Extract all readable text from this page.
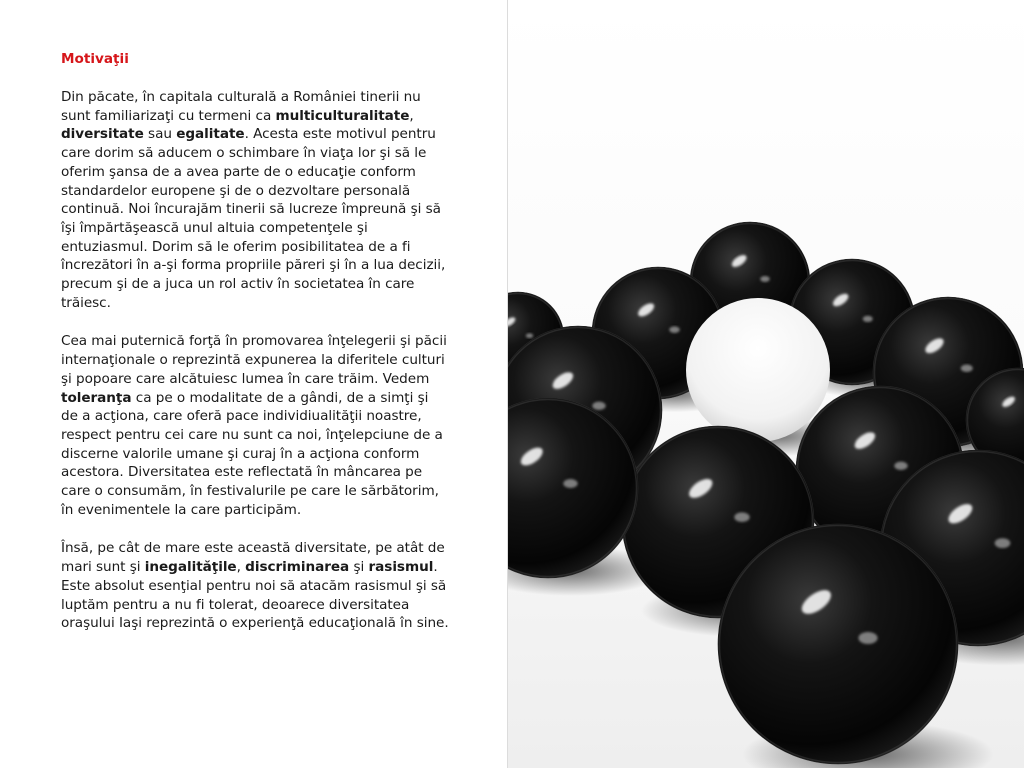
Motivaţii

Din păcate, în capitala culturală a României tinerii nu sunt familiarizaţi cu termeni ca multiculturalitate, diversitate sau egalitate. Acesta este motivul pentru care dorim să aducem o schimbare în viaţa lor şi să le oferim şansa de a avea parte de o educaţie conform standardelor europene şi de o dezvoltare personală continuă. Noi încurajăm tinerii să lucreze împreună şi să îşi împărtăşească unul altuia competenţele şi entuziasmul. Dorim să le oferim posibilitatea de a fi încrezători în a-şi forma propriile păreri şi în a lua decizii, precum şi de a juca un rol activ în societatea în care trăiesc.

Cea mai puternică forţă în promovarea înţelegerii şi păcii internaţionale o reprezintă expunerea la diferitele culturi şi popoare care alcătuiesc lumea în care trăim. Vedem toleranţa ca pe o modalitate de a gândi, de a simţi şi de a acţiona, care oferă pace individiualităţii noastre, respect pentru cei care nu sunt ca noi, înţelepciune de a discerne valorile umane şi curaj în a acţiona conform acestora. Diversitatea este reflectată în mâncarea pe care o consumăm, în festivalurile pe care le sărbătorim, în evenimentele la care participăm.

Însă, pe cât de mare este această diversitate, pe atât de mari sunt şi inegalităţile, discriminarea şi rasismul. Este absolut esenţial pentru noi să atacăm rasismul şi să luptăm pentru a nu fi tolerat, deoarece diversitatea oraşului Iaşi reprezintă o experienţă educaţională în sine.
